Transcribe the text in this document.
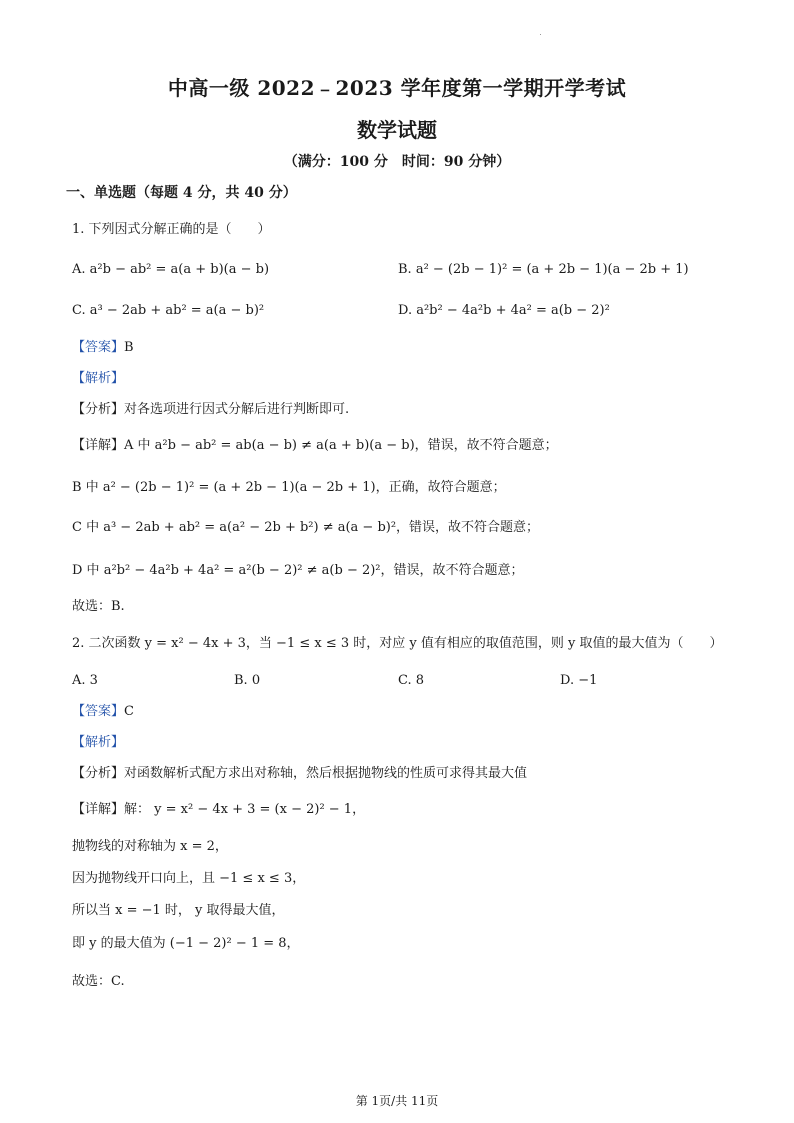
中高一级 2022﹣2023 学年度第一学期开学考试
数学试题
（满分：100 分　时间：90 分钟）
一、单选题（每题 4 分，共 40 分）
1. 下列因式分解正确的是（　　）
A. a²b − ab² = a(a + b)(a − b)	B. a² − (2b − 1)² = (a + 2b − 1)(a − 2b + 1)
C. a³ − 2ab + ab² = a(a − b)²	D. a²b² − 4a²b + 4a² = a(b − 2)²
【答案】B
【解析】
【分析】对各选项进行因式分解后进行判断即可.
【详解】A 中 a²b − ab² = ab(a − b) ≠ a(a + b)(a − b)，错误，故不符合题意；
B 中 a² − (2b − 1)² = (a + 2b − 1)(a − 2b + 1)，正确，故符合题意；
C 中 a³ − 2ab + ab² = a(a² − 2b + b²) ≠ a(a − b)²，错误，故不符合题意；
D 中 a²b² − 4a²b + 4a² = a²(b − 2)² ≠ a(b − 2)²，错误，故不符合题意；
故选：B.
2. 二次函数 y = x² − 4x + 3，当 −1 ≤ x ≤ 3 时，对应 y 值有相应的取值范围，则 y 取值的最大值为（　　）
A. 3	B. 0	C. 8	D. −1
【答案】C
【解析】
【分析】对函数解析式配方求出对称轴，然后根据抛物线的性质可求得其最大值
【详解】解： y = x² − 4x + 3 = (x − 2)² − 1，
抛物线的对称轴为 x = 2，
因为抛物线开口向上，且 −1 ≤ x ≤ 3，
所以当 x = −1 时， y 取得最大值，
即 y 的最大值为 (−1 − 2)² − 1 = 8，
故选：C.
第 1页/共 11页
